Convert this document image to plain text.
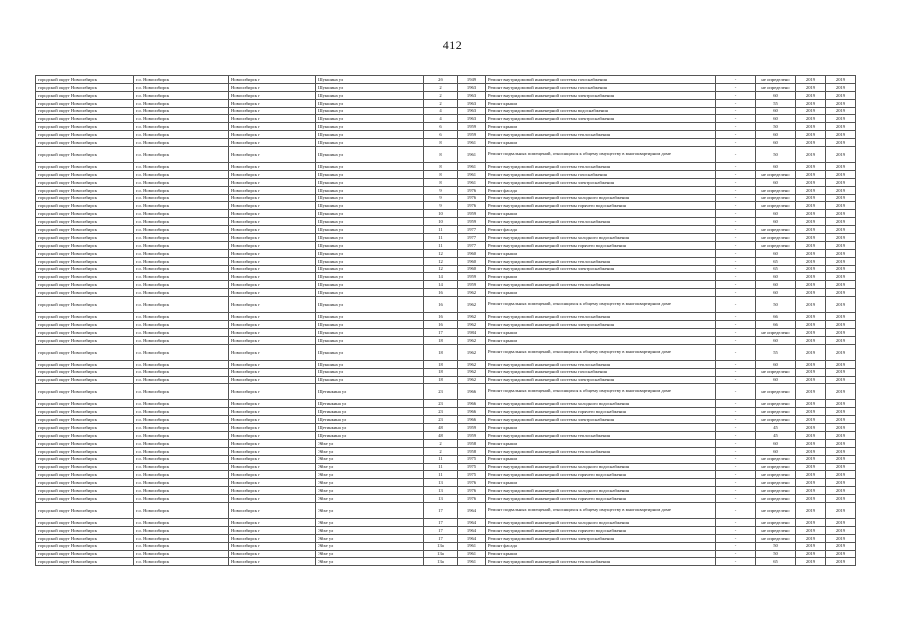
412
городской округ Новосибирск	г.о. Новосибирск	Новосибирск г	Шукшина ул	2б	1949	Ремонт внутридомовой инженерной системы газоснабжения	-	не определено	2019	2019
городской округ Новосибирск	г.о. Новосибирск	Новосибирск г	Шукшина ул	2	1963	Ремонт внутридомовой инженерной системы газоснабжения	-	не определено	2019	2019
городской округ Новосибирск	г.о. Новосибирск	Новосибирск г	Шукшина ул	2	1963	Ремонт внутридомовой инженерной системы электроснабжения	-	60	2019	2019
городской округ Новосибирск	г.о. Новосибирск	Новосибирск г	Шукшина ул	2	1963	Ремонт крыши	-	55	2019	2019
городской округ Новосибирск	г.о. Новосибирск	Новосибирск г	Шукшина ул	4	1963	Ремонт внутридомовой инженерной системы водоснабжения	-	60	2019	2019
городской округ Новосибирск	г.о. Новосибирск	Новосибирск г	Шукшина ул	4	1963	Ремонт внутридомовой инженерной системы электроснабжения	-	60	2019	2019
городской округ Новосибирск	г.о. Новосибирск	Новосибирск г	Шукшина ул	6	1959	Ремонт крыши	-	50	2019	2019
городской округ Новосибирск	г.о. Новосибирск	Новосибирск г	Шукшина ул	6	1959	Ремонт внутридомовой инженерной системы теплоснабжения	-	60	2019	2019
городской округ Новосибирск	г.о. Новосибирск	Новосибирск г	Шукшина ул	8	1961	Ремонт крыши	-	60	2019	2019
городской округ Новосибирск	г.о. Новосибирск	Новосибирск г	Шукшина ул	8	1961	Ремонт подвальных помещений, относящихся к общему имуществу в многоквартирном доме	-	50	2019	2019
городской округ Новосибирск	г.о. Новосибирск	Новосибирск г	Шукшина ул	8	1961	Ремонт внутридомовой инженерной системы теплоснабжения	-	60	2019	2019
городской округ Новосибирск	г.о. Новосибирск	Новосибирск г	Шукшина ул	8	1961	Ремонт внутридомовой инженерной системы газоснабжения	-	не определено	2019	2019
городской округ Новосибирск	г.о. Новосибирск	Новосибирск г	Шукшина ул	8	1961	Ремонт внутридомовой инженерной системы электроснабжения	-	60	2019	2019
городской округ Новосибирск	г.о. Новосибирск	Новосибирск г	Шукшина ул	9	1976	Ремонт фасада	-	не определено	2019	2019
городской округ Новосибирск	г.о. Новосибирск	Новосибирск г	Шукшина ул	9	1976	Ремонт внутридомовой инженерной системы холодного водоснабжения	-	не определено	2019	2019
городской округ Новосибирск	г.о. Новосибирск	Новосибирск г	Шукшина ул	9	1976	Ремонт внутридомовой инженерной системы горячего водоснабжения	-	не определено	2019	2019
городской округ Новосибирск	г.о. Новосибирск	Новосибирск г	Шукшина ул	10	1959	Ремонт крыши	-	60	2019	2019
городской округ Новосибирск	г.о. Новосибирск	Новосибирск г	Шукшина ул	10	1959	Ремонт внутридомовой инженерной системы теплоснабжения	-	60	2019	2019
городской округ Новосибирск	г.о. Новосибирск	Новосибирск г	Шукшина ул	11	1977	Ремонт фасада	-	не определено	2019	2019
городской округ Новосибирск	г.о. Новосибирск	Новосибирск г	Шукшина ул	11	1977	Ремонт внутридомовой инженерной системы холодного водоснабжения	-	не определено	2019	2019
городской округ Новосибирск	г.о. Новосибирск	Новосибирск г	Шукшина ул	11	1977	Ремонт внутридомовой инженерной системы горячего водоснабжения	-	не определено	2019	2019
городской округ Новосибирск	г.о. Новосибирск	Новосибирск г	Шукшина ул	12	1960	Ремонт крыши	-	60	2019	2019
городской округ Новосибирск	г.о. Новосибирск	Новосибирск г	Шукшина ул	12	1960	Ремонт внутридомовой инженерной системы теплоснабжения	-	65	2019	2019
городской округ Новосибирск	г.о. Новосибирск	Новосибирск г	Шукшина ул	12	1960	Ремонт внутридомовой инженерной системы электроснабжения	-	65	2019	2019
городской округ Новосибирск	г.о. Новосибирск	Новосибирск г	Шукшина ул	14	1959	Ремонт крыши	-	60	2019	2019
городской округ Новосибирск	г.о. Новосибирск	Новосибирск г	Шукшина ул	14	1959	Ремонт внутридомовой инженерной системы теплоснабжения	-	60	2019	2019
городской округ Новосибирск	г.о. Новосибирск	Новосибирск г	Шукшина ул	16	1962	Ремонт крыши	-	60	2019	2019
городской округ Новосибирск	г.о. Новосибирск	Новосибирск г	Шукшина ул	16	1962	Ремонт подвальных помещений, относящихся к общему имуществу в многоквартирном доме	-	50	2019	2019
городской округ Новосибирск	г.о. Новосибирск	Новосибирск г	Шукшина ул	16	1962	Ремонт внутридомовой инженерной системы теплоснабжения	-	66	2019	2019
городской округ Новосибирск	г.о. Новосибирск	Новосибирск г	Шукшина ул	16	1962	Ремонт внутридомовой инженерной системы электроснабжения	-	66	2019	2019
городской округ Новосибирск	г.о. Новосибирск	Новосибирск г	Шукшина ул	17	1984	Ремонт крыши	-	не определено	2019	2019
городской округ Новосибирск	г.о. Новосибирск	Новосибирск г	Шукшина ул	18	1962	Ремонт крыши	-	60	2019	2019
городской округ Новосибирск	г.о. Новосибирск	Новосибирск г	Шукшина ул	18	1962	Ремонт подвальных помещений, относящихся к общему имуществу в многоквартирном доме	-	55	2019	2019
городской округ Новосибирск	г.о. Новосибирск	Новосибирск г	Шукшина ул	18	1962	Ремонт внутридомовой инженерной системы теплоснабжения	-	60	2019	2019
городской округ Новосибирск	г.о. Новосибирск	Новосибирск г	Шукшина ул	18	1962	Ремонт внутридомовой инженерной системы газоснабжения	-	не определено	2019	2019
городской округ Новосибирск	г.о. Новосибирск	Новосибирск г	Шукшина ул	18	1962	Ремонт внутридомовой инженерной системы электроснабжения	-	60	2019	2019
городской округ Новосибирск	г.о. Новосибирск	Новосибирск г	Щетинкина ул	23	1966	Ремонт подвальных помещений, относящихся к общему имуществу в многоквартирном доме	-	не определено	2019	2019
городской округ Новосибирск	г.о. Новосибирск	Новосибирск г	Щетинкина ул	23	1966	Ремонт внутридомовой инженерной системы холодного водоснабжения	-	не определено	2019	2019
городской округ Новосибирск	г.о. Новосибирск	Новосибирск г	Щетинкина ул	23	1966	Ремонт внутридомовой инженерной системы горячего водоснабжения	-	не определено	2019	2019
городской округ Новосибирск	г.о. Новосибирск	Новосибирск г	Щетинкина ул	23	1966	Ремонт внутридомовой инженерной системы электроснабжения	-	не определено	2019	2019
городской округ Новосибирск	г.о. Новосибирск	Новосибирск г	Щетинкина ул	48	1959	Ремонт крыши	-	45	2019	2019
городской округ Новосибирск	г.о. Новосибирск	Новосибирск г	Щетинкина ул	48	1959	Ремонт внутридомовой инженерной системы теплоснабжения	-	45	2019	2019
городской округ Новосибирск	г.о. Новосибирск	Новосибирск г	Эйхе ул	2	1958	Ремонт крыши	-	60	2019	2019
городской округ Новосибирск	г.о. Новосибирск	Новосибирск г	Эйхе ул	2	1958	Ремонт внутридомовой инженерной системы теплоснабжения	-	60	2019	2019
городской округ Новосибирск	г.о. Новосибирск	Новосибирск г	Эйхе ул	11	1975	Ремонт крыши	-	не определено	2019	2019
городской округ Новосибирск	г.о. Новосибирск	Новосибирск г	Эйхе ул	11	1975	Ремонт внутридомовой инженерной системы холодного водоснабжения	-	не определено	2019	2019
городской округ Новосибирск	г.о. Новосибирск	Новосибирск г	Эйхе ул	11	1975	Ремонт внутридомовой инженерной системы горячего водоснабжения	-	не определено	2019	2019
городской округ Новосибирск	г.о. Новосибирск	Новосибирск г	Эйхе ул	13	1976	Ремонт крыши	-	не определено	2019	2019
городской округ Новосибирск	г.о. Новосибирск	Новосибирск г	Эйхе ул	13	1976	Ремонт внутридомовой инженерной системы холодного водоснабжения	-	не определено	2019	2019
городской округ Новосибирск	г.о. Новосибирск	Новосибирск г	Эйхе ул	13	1976	Ремонт внутридомовой инженерной системы горячего водоснабжения	-	не определено	2019	2019
городской округ Новосибирск	г.о. Новосибирск	Новосибирск г	Эйхе ул	17	1964	Ремонт подвальных помещений, относящихся к общему имуществу в многоквартирном доме	-	не определено	2019	2019
городской округ Новосибирск	г.о. Новосибирск	Новосибирск г	Эйхе ул	17	1964	Ремонт внутридомовой инженерной системы холодного водоснабжения	-	не определено	2019	2019
городской округ Новосибирск	г.о. Новосибирск	Новосибирск г	Эйхе ул	17	1964	Ремонт внутридомовой инженерной системы горячего водоснабжения	-	не определено	2019	2019
городской округ Новосибирск	г.о. Новосибирск	Новосибирск г	Эйхе ул	17	1964	Ремонт внутридомовой инженерной системы электроснабжения	-	не определено	2019	2019
городской округ Новосибирск	г.о. Новосибирск	Новосибирск г	Эйхе ул	13а	1961	Ремонт фасада	-	50	2019	2019
городской округ Новосибирск	г.о. Новосибирск	Новосибирск г	Эйхе ул	13а	1961	Ремонт крыши	-	50	2019	2019
городской округ Новосибирск	г.о. Новосибирск	Новосибирск г	Эйхе ул	13а	1961	Ремонт внутридомовой инженерной системы теплоснабжения	-	65	2019	2019
